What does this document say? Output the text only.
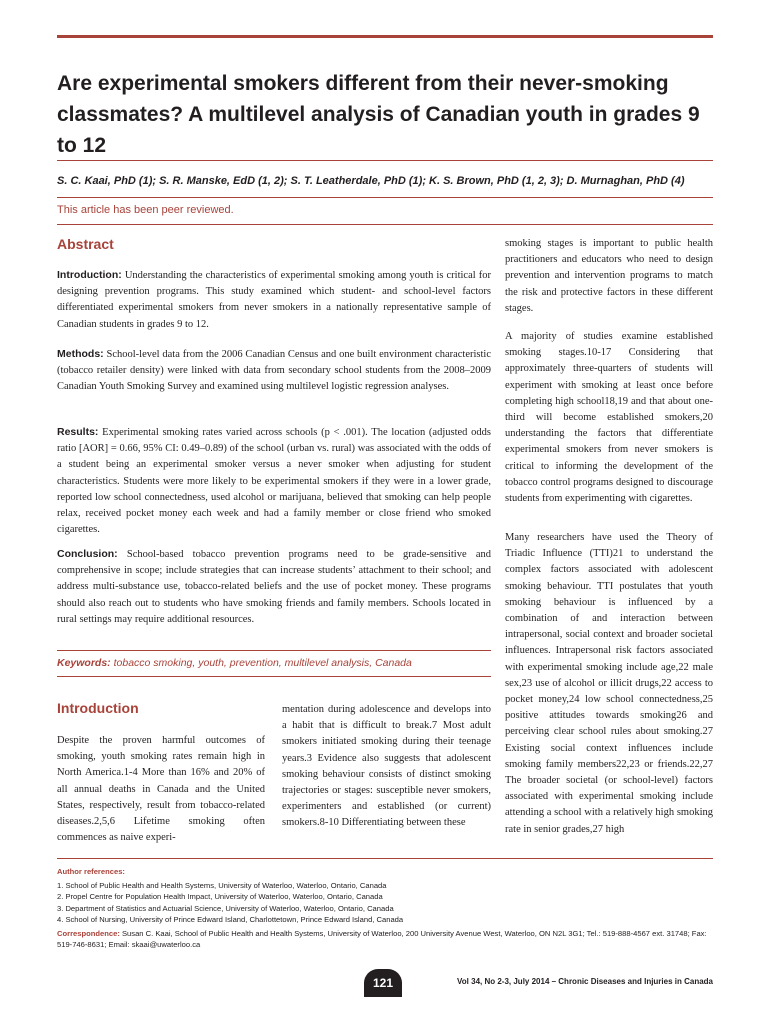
Are experimental smokers different from their never-smoking classmates? A multilevel analysis of Canadian youth in grades 9 to 12
S. C. Kaai, PhD (1); S. R. Manske, EdD (1, 2); S. T. Leatherdale, PhD (1); K. S. Brown, PhD (1, 2, 3); D. Murnaghan, PhD (4)
This article has been peer reviewed.
Abstract
Introduction: Understanding the characteristics of experimental smoking among youth is critical for designing prevention programs. This study examined which student- and school-level factors differentiated experimental smokers from never smokers in a nationally representative sample of Canadian students in grades 9 to 12.
Methods: School-level data from the 2006 Canadian Census and one built environment characteristic (tobacco retailer density) were linked with data from secondary school students from the 2008–2009 Canadian Youth Smoking Survey and examined using multilevel logistic regression analyses.
Results: Experimental smoking rates varied across schools (p < .001). The location (adjusted odds ratio [AOR] = 0.66, 95% CI: 0.49–0.89) of the school (urban vs. rural) was associated with the odds of a student being an experimental smoker versus a never smoker when adjusting for student characteristics. Students were more likely to be experimental smokers if they were in a lower grade, reported low school connectedness, used alcohol or marijuana, believed that smoking can help people relax, received pocket money each week and had a family member or close friend who smoked cigarettes.
Conclusion: School-based tobacco prevention programs need to be grade-sensitive and comprehensive in scope; include strategies that can increase students’ attachment to their school; and address multi-substance use, tobacco-related beliefs and the use of pocket money. These programs should also reach out to students who have smoking friends and family members. Schools located in rural settings may require additional resources.
Keywords: tobacco smoking, youth, prevention, multilevel analysis, Canada
Introduction
Despite the proven harmful outcomes of smoking, youth smoking rates remain high in North America.1-4 More than 16% and 20% of all annual deaths in Canada and the United States, respectively, result from tobacco-related diseases.2,5,6 Lifetime smoking often commences as naive experi-
mentation during adolescence and develops into a habit that is difficult to break.7 Most adult smokers initiated smoking during their teenage years.3 Evidence also suggests that adolescent smoking behaviour consists of distinct smoking trajectories or stages: susceptible never smokers, experimenters and established (or current) smokers.8-10 Differentiating between these
smoking stages is important to public health practitioners and educators who need to design prevention and intervention programs to match the risk and protective factors in these different stages.
A majority of studies examine established smoking stages.10-17 Considering that approximately three-quarters of students will experiment with smoking at least once before completing high school18,19 and that about one-third will become established smokers,20 understanding the factors that differentiate experimental smokers from never smokers is critical to informing the development of the tobacco control programs designed to discourage students from experimenting with cigarettes.
Many researchers have used the Theory of Triadic Influence (TTI)21 to understand the complex factors associated with adolescent smoking behaviour. TTI postulates that youth smoking behaviour is influenced by a combination of and interaction between intrapersonal, social context and broader societal influences. Intrapersonal risk factors associated with experimental smoking include age,22 male sex,23 use of alcohol or illicit drugs,22 access to pocket money,24 low school connectedness,25 positive attitudes towards smoking26 and perceiving clear school rules about smoking.27 Existing social context influences include smoking family members22,23 or friends.22,27 The broader societal (or school-level) factors associated with experimental smoking include attending a school with a relatively high smoking rate in senior grades,27 high
Author references:
1. School of Public Health and Health Systems, University of Waterloo, Waterloo, Ontario, Canada
2. Propel Centre for Population Health Impact, University of Waterloo, Waterloo, Ontario, Canada
3. Department of Statistics and Actuarial Science, University of Waterloo, Waterloo, Ontario, Canada
4. School of Nursing, University of Prince Edward Island, Charlottetown, Prince Edward Island, Canada
Correspondence: Susan C. Kaai, School of Public Health and Health Systems, University of Waterloo, 200 University Avenue West, Waterloo, ON N2L 3G1; Tel.: 519-888-4567 ext. 31748; Fax: 519-746-8631; Email: skaai@uwaterloo.ca
121	Vol 34, No 2-3, July 2014 – Chronic Diseases and Injuries in Canada
